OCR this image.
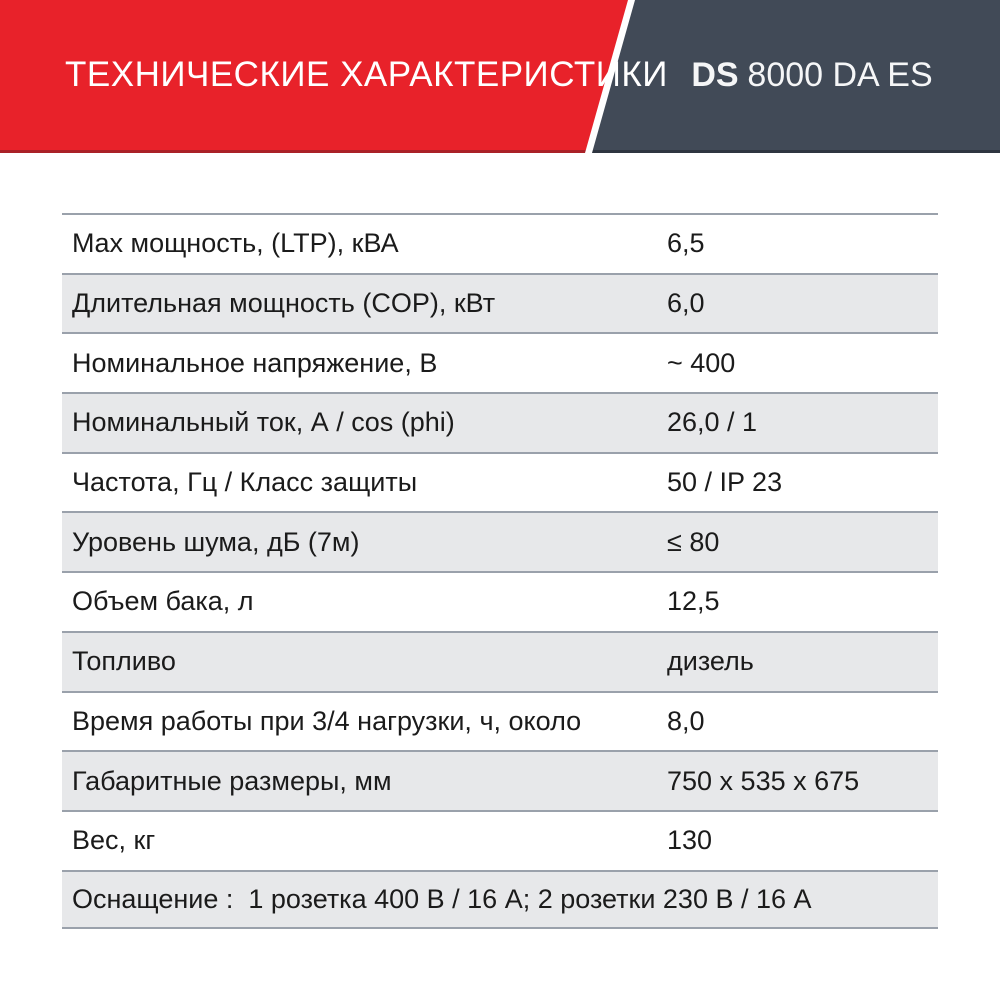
ТЕХНИЧЕСКИЕ ХАРАКТЕРИСТИКИ DS 8000 DA ES
Max мощность, (LTP), кВА	6,5
Длительная мощность (COP), кВт	6,0
Номинальное напряжение, В	~ 400
Номинальный ток, А / cos (phi)	26,0 / 1
Частота, Гц / Класс защиты	50 / IP 23
Уровень шума, дБ (7м)	≤ 80
Объем бака, л	12,5
Топливо	дизель
Время работы при 3/4 нагрузки, ч, около	8,0
Габаритные размеры, мм	750 x 535 x 675
Вес, кг	130
Оснащение :  1 розетка 400 В / 16 А; 2 розетки 230 В / 16 А
